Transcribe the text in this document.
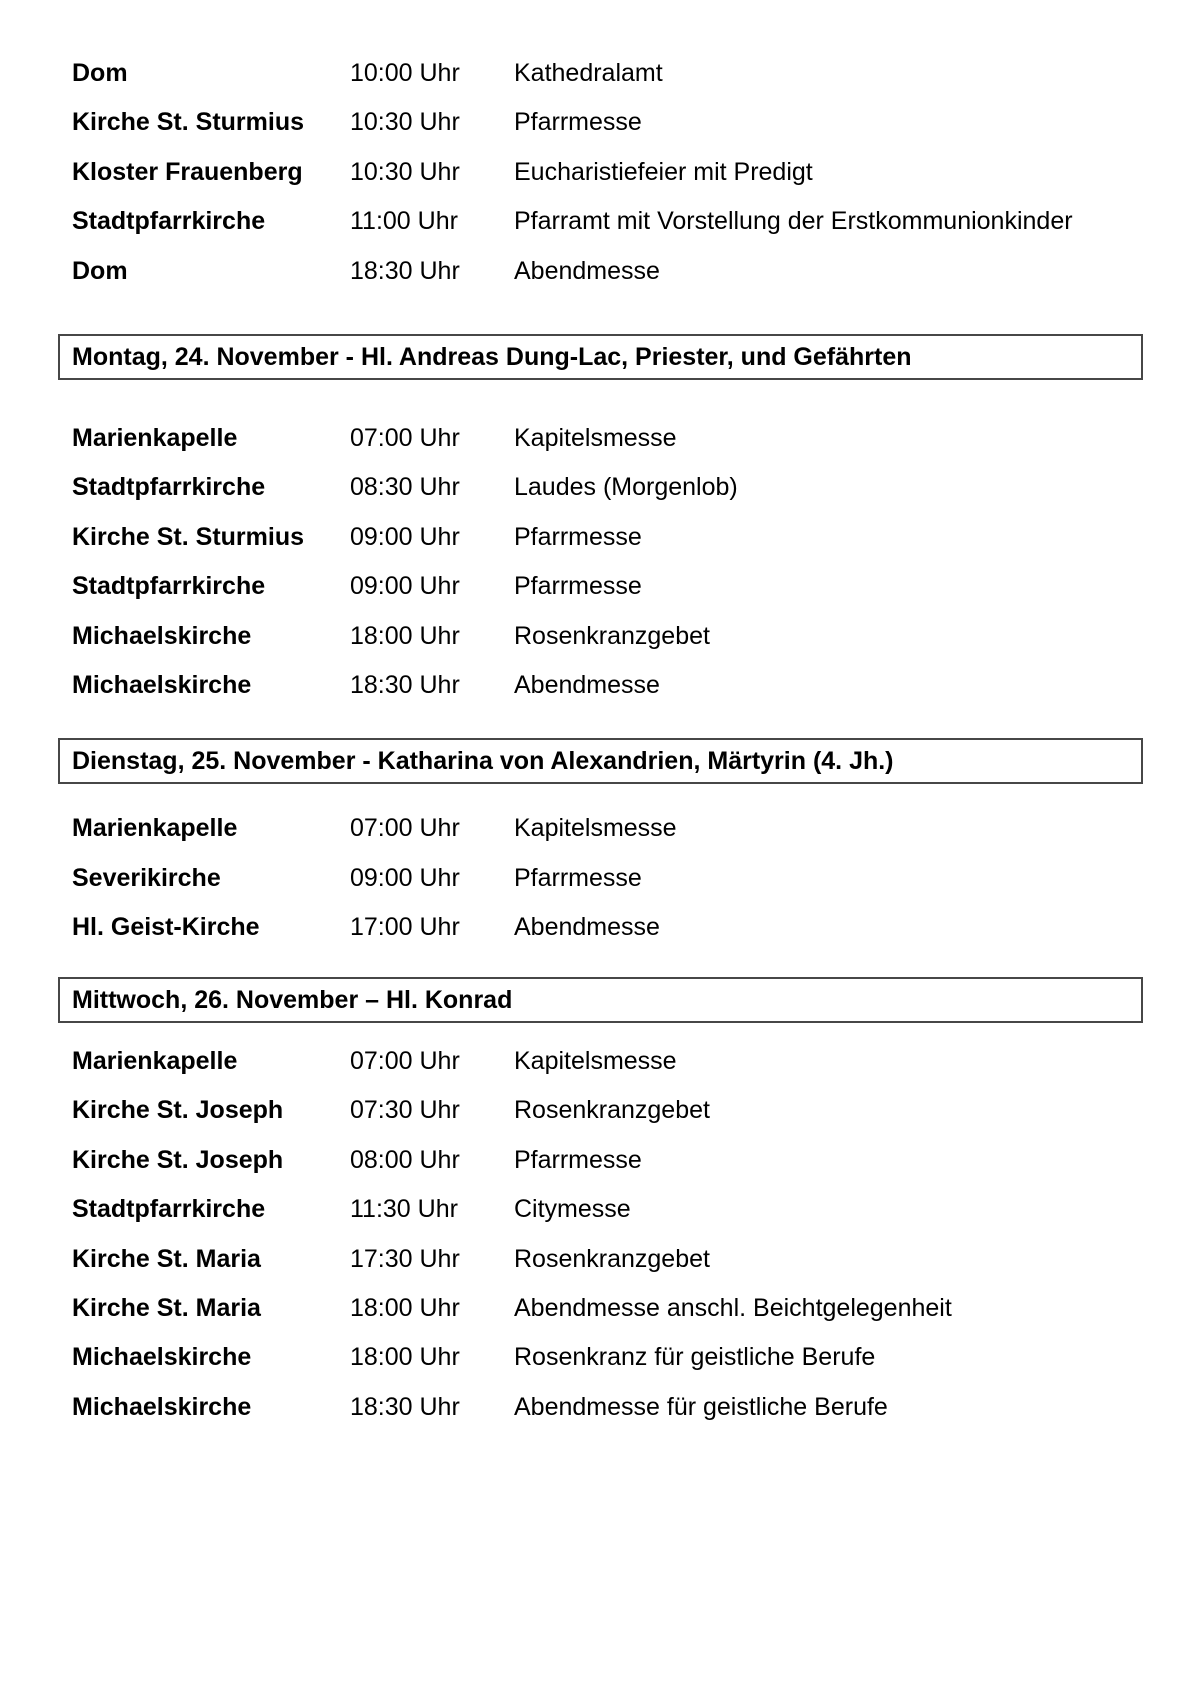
Dom	10:00 Uhr Kathedralamt
Kirche St. Sturmius 10:30 Uhr Pfarrmesse
Kloster Frauenberg 10:30 Uhr Eucharistiefeier mit Predigt
Stadtpfarrkirche	11:00 Uhr Pfarramt mit Vorstellung der Erstkommunionkinder
Dom	18:30 Uhr Abendmesse
Montag, 24. November - Hl. Andreas Dung-Lac, Priester, und Gefährten
Marienkapelle	07:00 Uhr Kapitelsmesse
Stadtpfarrkirche	08:30 Uhr Laudes (Morgenlob)
Kirche St. Sturmius 09:00 Uhr Pfarrmesse
Stadtpfarrkirche	09:00 Uhr Pfarrmesse
Michaelskirche	18:00 Uhr Rosenkranzgebet
Michaelskirche	18:30 Uhr Abendmesse
Dienstag, 25. November - Katharina von Alexandrien, Märtyrin (4. Jh.)
Marienkapelle	07:00 Uhr Kapitelsmesse
Severikirche	09:00 Uhr Pfarrmesse
Hl. Geist-Kirche	17:00 Uhr Abendmesse
Mittwoch, 26. November – Hl. Konrad
Marienkapelle	07:00 Uhr Kapitelsmesse
Kirche St. Joseph	07:30 Uhr Rosenkranzgebet
Kirche St. Joseph	08:00 Uhr Pfarrmesse
Stadtpfarrkirche	11:30 Uhr Citymesse
Kirche St. Maria	17:30 Uhr Rosenkranzgebet
Kirche St. Maria	18:00 Uhr Abendmesse anschl. Beichtgelegenheit
Michaelskirche	18:00 Uhr Rosenkranz für geistliche Berufe
Michaelskirche	18:30 Uhr Abendmesse für geistliche Berufe
